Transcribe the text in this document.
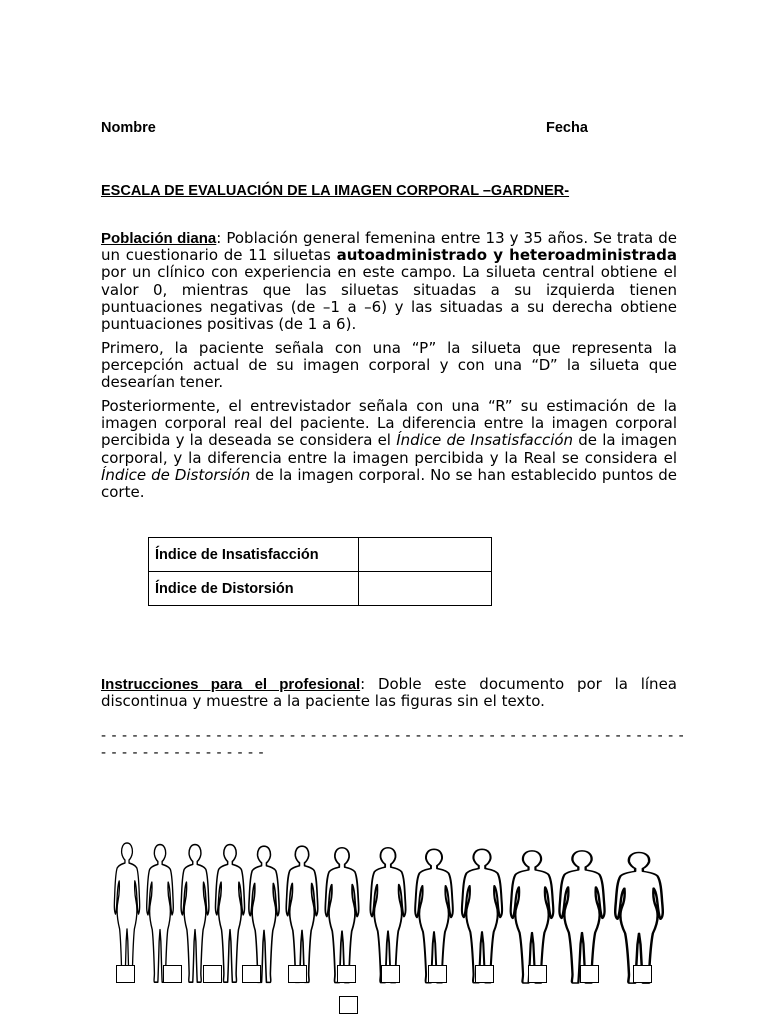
Nombre	Fecha
ESCALA DE EVALUACIÓN DE LA IMAGEN CORPORAL –GARDNER-

Población diana: Población general femenina entre 13 y 35 años. Se trata de un cuestionario de 11 siluetas autoadministrado y heteroadministrada por un clínico con experiencia en este campo. La silueta central obtiene el valor 0, mientras que las siluetas situadas a su izquierda tienen puntuaciones negativas (de –1 a –6) y las situadas a su derecha obtiene puntuaciones positivas (de 1 a 6).

Primero, la paciente señala con una “P” la silueta que representa la percepción actual de su imagen corporal y con una “D” la silueta que desearían tener.

Posteriormente, el entrevistador señala con una “R” su estimación de la imagen corporal real del paciente. La diferencia entre la imagen corporal percibida y la deseada se considera el Índice de Insatisfacción de la imagen corporal, y la diferencia entre la imagen percibida y la Real se considera el Índice de Distorsión de la imagen corporal. No se han establecido puntos de corte.

Índice de Insatisfacción	
Índice de Distorsión	

Instrucciones para el profesional: Doble este documento por la línea discontinua y muestre a la paciente las figuras sin el texto.

- - - - - - - - - - - - - - - - - - - - - - - - - - - - - - - - - - - - - - - - - - - - - - - - - - - - - - - - - - - - - - - - - - - - - - - -
